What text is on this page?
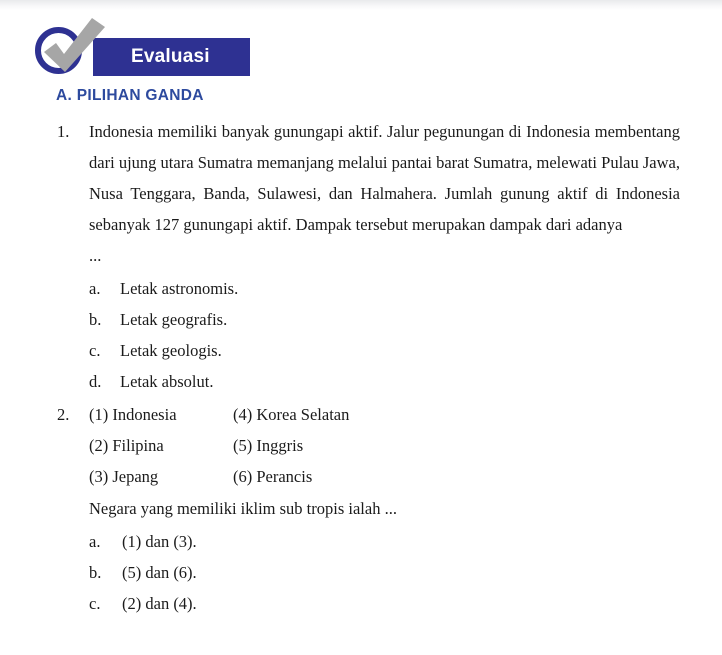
Evaluasi
A. PILIHAN GANDA
1.	Indonesia memiliki banyak gunungapi aktif. Jalur pegunungan di Indonesia membentang dari ujung utara Sumatra memanjang melalui pantai barat Sumatra, melewati Pulau Jawa, Nusa Tenggara, Banda, Sulawesi, dan Halmahera. Jumlah gunung aktif di Indonesia sebanyak 127 gunungapi aktif. Dampak tersebut merupakan dampak dari adanya
...
a.	Letak astronomis.
b.	Letak geografis.
c.	Letak geologis.
d.	Letak absolut.
2.	(1) Indonesia	(4) Korea Selatan
(2) Filipina	(5) Inggris
(3) Jepang	(6) Perancis
Negara yang memiliki iklim sub tropis ialah ...
a.	(1) dan (3).
b.	(5) dan (6).
c.	(2) dan (4).
